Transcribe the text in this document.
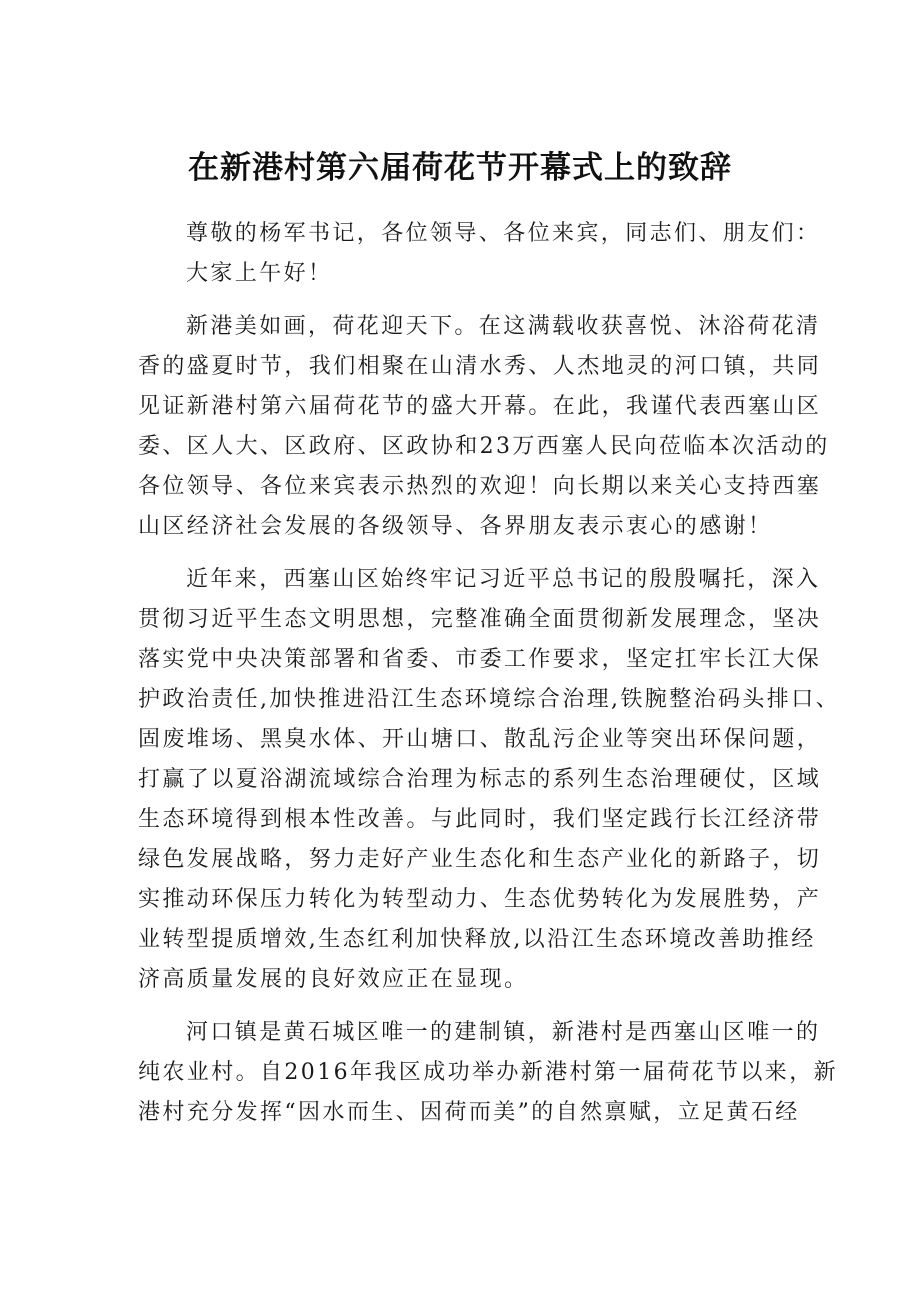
在新港村第六届荷花节开幕式上的致辞
尊敬的杨军书记，各位领导、各位来宾，同志们、朋友们：
大家上午好！
新港美如画，荷花迎天下。在这满载收获喜悦、沐浴荷花清
香的盛夏时节，我们相聚在山清水秀、人杰地灵的河口镇，共同
见证新港村第六届荷花节的盛大开幕。在此，我谨代表西塞山区
委、区人大、区政府、区政协和23万西塞人民向莅临本次活动的
各位领导、各位来宾表示热烈的欢迎！向长期以来关心支持西塞
山区经济社会发展的各级领导、各界朋友表示衷心的感谢！
近年来，西塞山区始终牢记习近平总书记的殷殷嘱托，深入
贯彻习近平生态文明思想，完整准确全面贯彻新发展理念，坚决
落实党中央决策部署和省委、市委工作要求，坚定扛牢长江大保
护政治责任,加快推进沿江生态环境综合治理,铁腕整治码头排口、
固废堆场、黑臭水体、开山塘口、散乱污企业等突出环保问题，
打赢了以夏浴湖流域综合治理为标志的系列生态治理硬仗，区域
生态环境得到根本性改善。与此同时，我们坚定践行长江经济带
绿色发展战略，努力走好产业生态化和生态产业化的新路子，切
实推动环保压力转化为转型动力、生态优势转化为发展胜势，产
业转型提质增效,生态红利加快释放,以沿江生态环境改善助推经
济高质量发展的良好效应正在显现。
河口镇是黄石城区唯一的建制镇，新港村是西塞山区唯一的
纯农业村。自2016年我区成功举办新港村第一届荷花节以来，新
港村充分发挥“因水而生、因荷而美”的自然禀赋，立足黄石经
